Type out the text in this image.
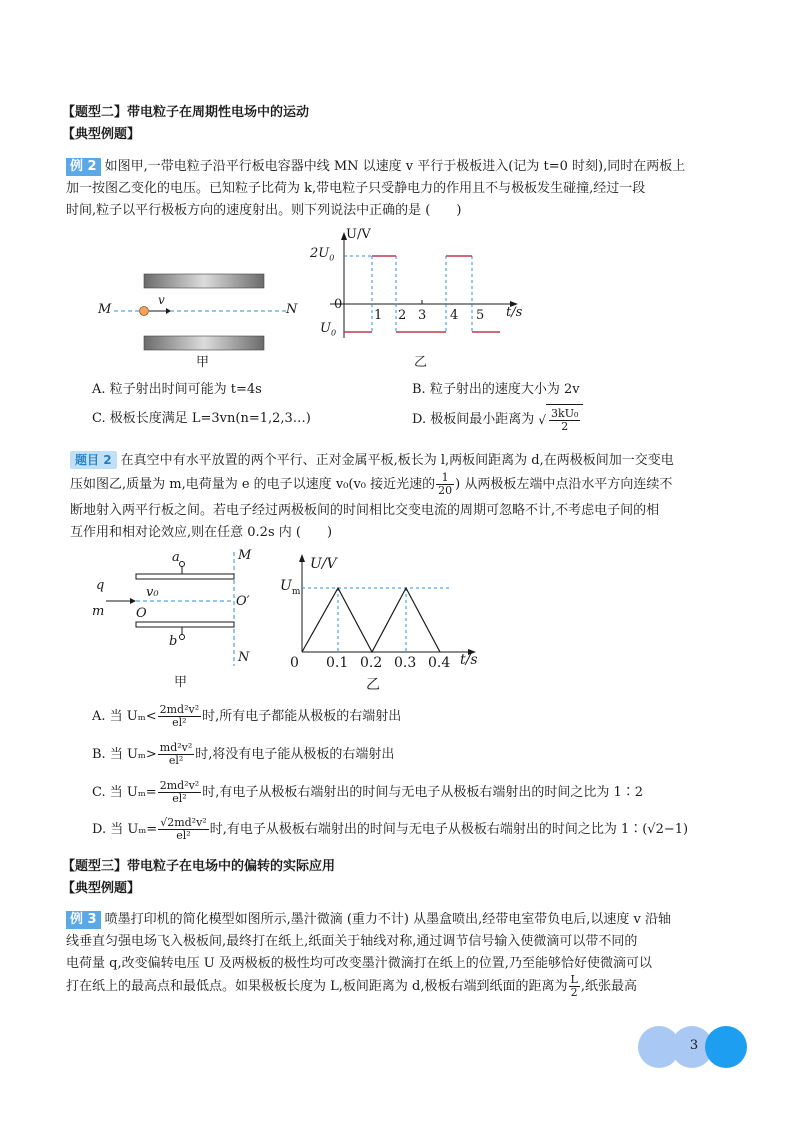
【题型二】带电粒子在周期性电场中的运动
【典型例题】
例 2 如图甲,一带电粒子沿平行板电容器中线 MN 以速度 v 平行于极板进入(记为 t=0 时刻),同时在两板上
加一按图乙变化的电压。已知粒子比荷为 k,带电粒子只受静电力的作用且不与极板发生碰撞,经过一段
时间,粒子以平行极板方向的速度射出。则下列说法中正确的是 (　　)
M	N
v
甲
U/V
$2U_0$
0
$U_0$
1 2 3 4 5 t/s
乙
A. 粒子射出时间可能为 t=4s	B. 粒子射出的速度大小为 2v
C. 极板长度满足 L=3vn(n=1,2,3…)	D. 极板间最小距离为 √ $\frac{\text{3kU₀}}{2}$
题目 2 在真空中有水平放置的两个平行、正对金属平板,板长为 l,两板间距离为 d,在两极板间加一交变电
压如图乙,质量为 m,电荷量为 e 的电子以速度 v₀(v₀ 接近光速的 $\frac{1}{20}$ ) 从两极板左端中点沿水平方向连续不
断地射入两平行板之间。若电子经过两极板间的时间相比交变电流的周期可忽略不计,不考虑电子间的相
互作用和相对论效应,则在任意 0.2s 内 (　　)
a
b
M
N
O′
O
q
m
v₀
甲
U/V
$U_m$
0 0.1 0.2 0.3 0.4 t/s
乙
A. 当 $U_m< \frac{\text{2md²v²}}{\text{el²}}$ 时,所有电子都能从极板的右端射出
B. 当 $U_m> \frac{\text{md²v²}}{\text{el²}}$ 时,将没有电子能从极板的右端射出
C. 当 $U_m= \frac{\text{2md²v²}}{\text{el²}}$ 时,有电子从极板右端射出的时间与无电子从极板右端射出的时间之比为 1∶2
D. 当 $U_m= \frac{\text{√2md²v²}}{\text{el²}}$ 时,有电子从极板右端射出的时间与无电子从极板右端射出的时间之比为 1∶(√2−1)
【题型三】带电粒子在电场中的偏转的实际应用
【典型例题】
例 3 喷墨打印机的简化模型如图所示,墨汁微滴 (重力不计) 从墨盒喷出,经带电室带负电后,以速度 v 沿轴
线垂直匀强电场飞入极板间,最终打在纸上,纸面关于轴线对称,通过调节信号输入使微滴可以带不同的
电荷量 q,改变偏转电压 U 及两极板的极性均可改变墨汁微滴打在纸上的位置,乃至能够恰好使微滴可以
打在纸上的最高点和最低点。如果极板长度为 L,板间距离为 d,极板右端到纸面的距离为 $\frac{L}{2}$ ,纸张最高
3
